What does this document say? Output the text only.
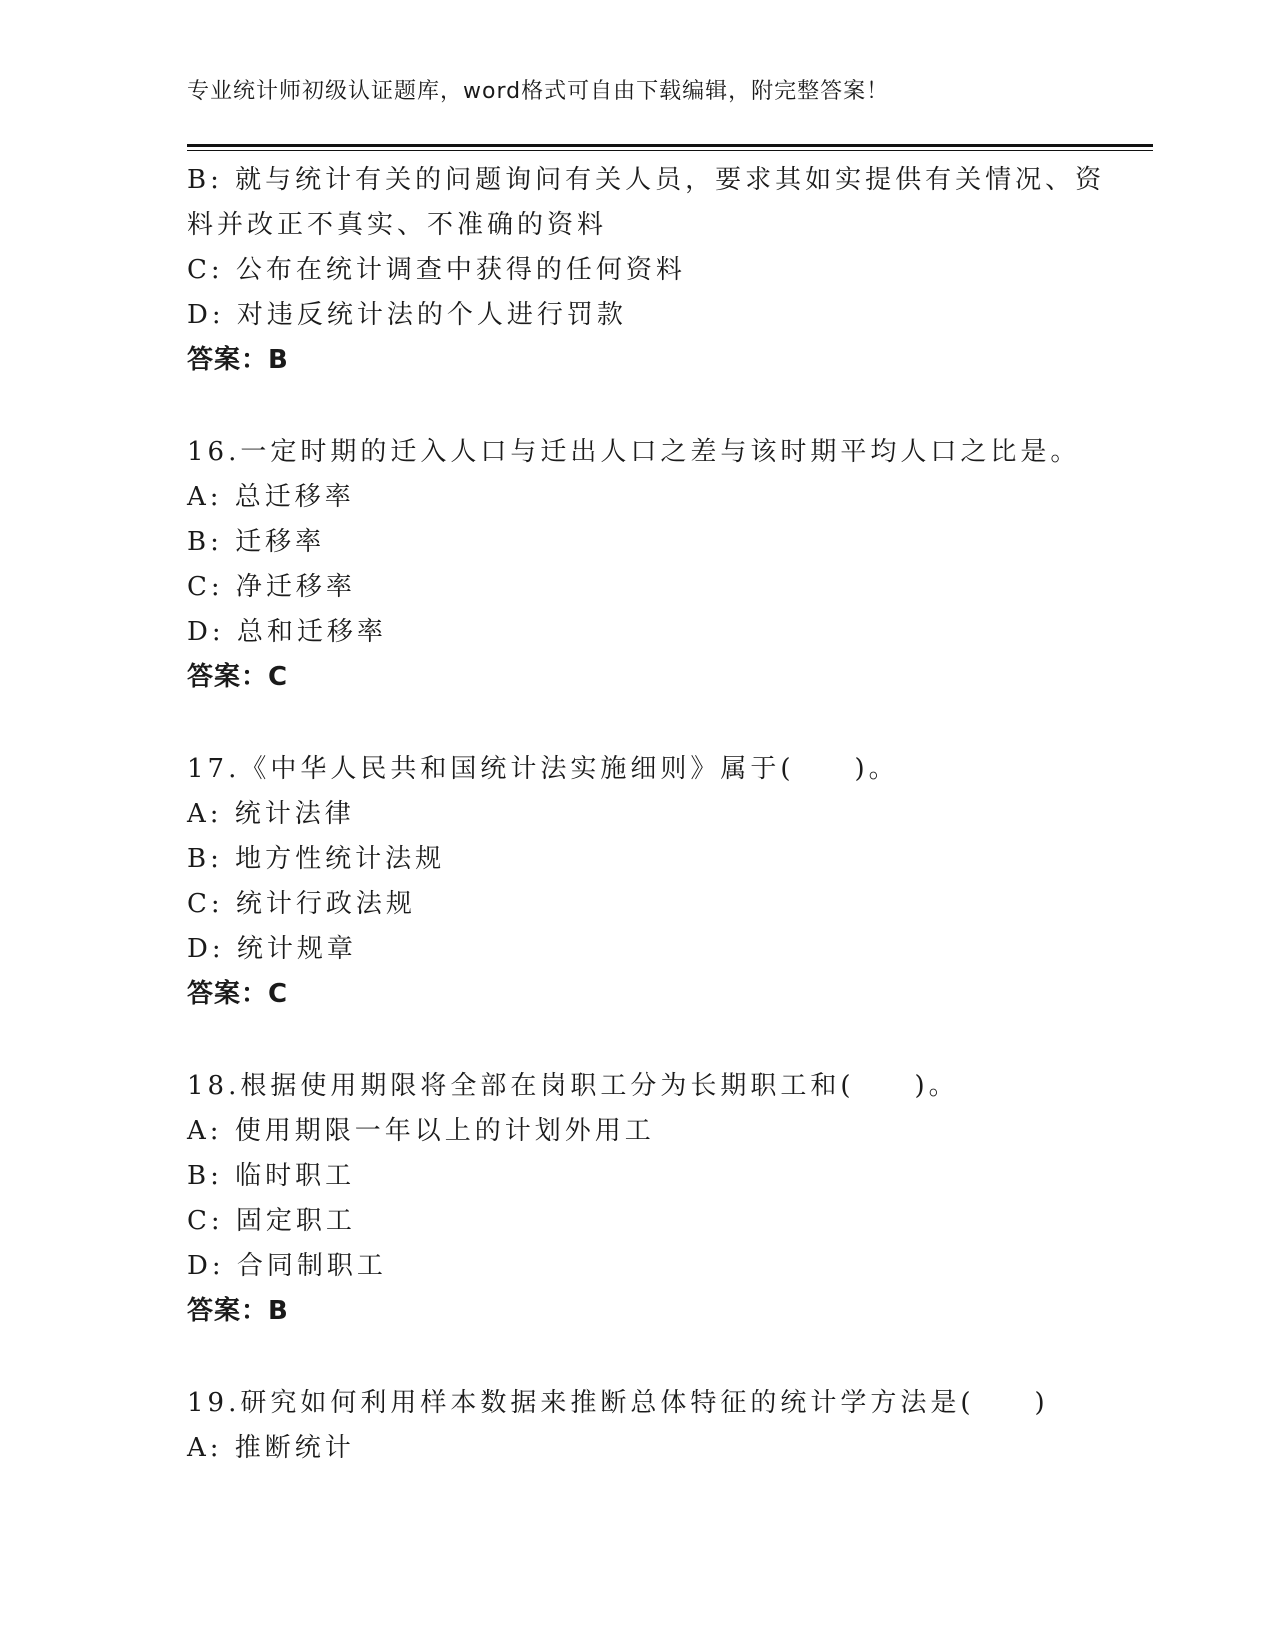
专业统计师初级认证题库，word格式可自由下载编辑，附完整答案！

B: 就与统计有关的问题询问有关人员，要求其如实提供有关情况、资

料并改正不真实、不准确的资料

C: 公布在统计调查中获得的任何资料

D: 对违反统计法的个人进行罚款

答案：B

16.一定时期的迁入人口与迁出人口之差与该时期平均人口之比是。

A: 总迁移率

B: 迁移率

C: 净迁移率

D: 总和迁移率

答案：C

17.《中华人民共和国统计法实施细则》属于(　　)。

A: 统计法律

B: 地方性统计法规

C: 统计行政法规

D: 统计规章

答案：C

18.根据使用期限将全部在岗职工分为长期职工和(　　)。

A: 使用期限一年以上的计划外用工

B: 临时职工

C: 固定职工

D: 合同制职工

答案：B

19.研究如何利用样本数据来推断总体特征的统计学方法是(　　)

A: 推断统计
